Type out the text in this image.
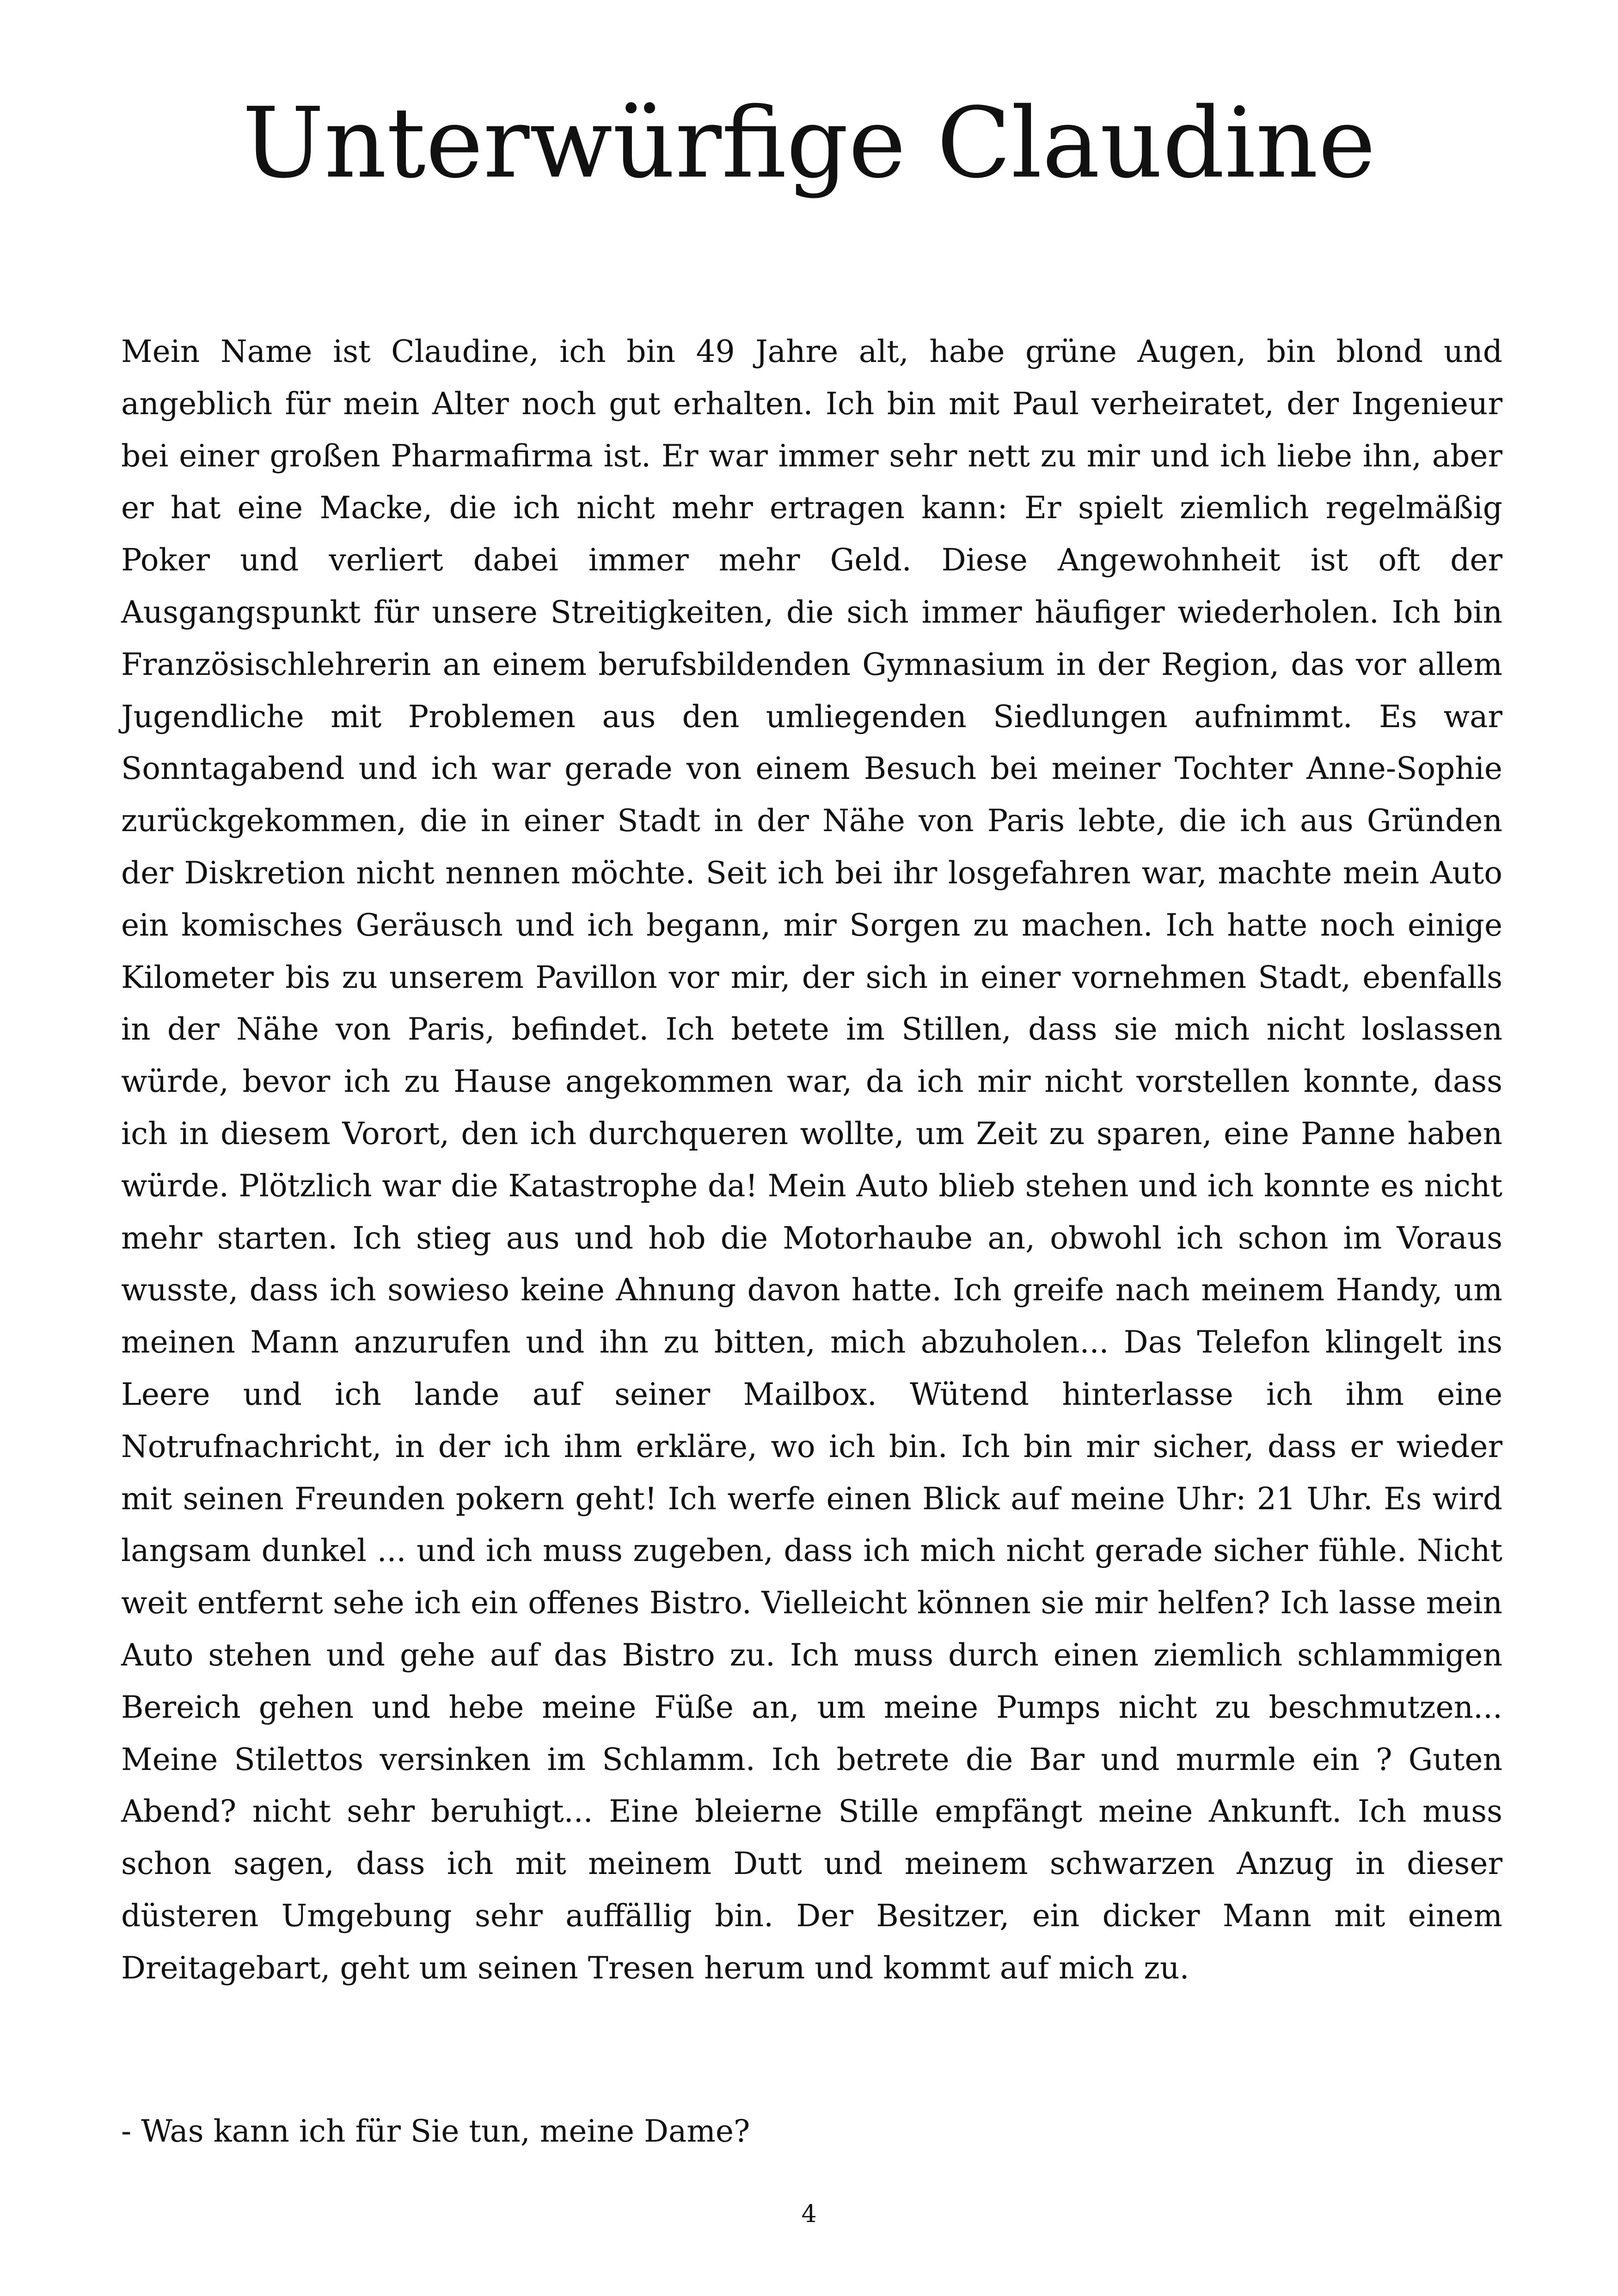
Unterwürfige Claudine

Mein Name ist Claudine, ich bin 49 Jahre alt, habe grüne Augen, bin blond und angeblich für mein Alter noch gut erhalten. Ich bin mit Paul verheiratet, der Ingenieur bei einer großen Pharmafirma ist. Er war immer sehr nett zu mir und ich liebe ihn, aber er hat eine Macke, die ich nicht mehr ertragen kann: Er spielt ziemlich regelmäßig Poker und verliert dabei immer mehr Geld. Diese Angewohnheit ist oft der Ausgangspunkt für unsere Streitigkeiten, die sich immer häufiger wiederholen. Ich bin Französischlehrerin an einem berufsbildenden Gymnasium in der Region, das vor allem Jugendliche mit Problemen aus den umliegenden Siedlungen aufnimmt. Es war Sonntagabend und ich war gerade von einem Besuch bei meiner Tochter Anne-Sophie zurückgekommen, die in einer Stadt in der Nähe von Paris lebte, die ich aus Gründen der Diskretion nicht nennen möchte. Seit ich bei ihr losgefahren war, machte mein Auto ein komisches Geräusch und ich begann, mir Sorgen zu machen. Ich hatte noch einige Kilometer bis zu unserem Pavillon vor mir, der sich in einer vornehmen Stadt, ebenfalls in der Nähe von Paris, befindet. Ich betete im Stillen, dass sie mich nicht loslassen würde, bevor ich zu Hause angekommen war, da ich mir nicht vorstellen konnte, dass ich in diesem Vorort, den ich durchqueren wollte, um Zeit zu sparen, eine Panne haben würde. Plötzlich war die Katastrophe da! Mein Auto blieb stehen und ich konnte es nicht mehr starten. Ich stieg aus und hob die Motorhaube an, obwohl ich schon im Voraus wusste, dass ich sowieso keine Ahnung davon hatte. Ich greife nach meinem Handy, um meinen Mann anzurufen und ihn zu bitten, mich abzuholen... Das Telefon klingelt ins Leere und ich lande auf seiner Mailbox. Wütend hinterlasse ich ihm eine Notrufnachricht, in der ich ihm erkläre, wo ich bin. Ich bin mir sicher, dass er wieder mit seinen Freunden pokern geht! Ich werfe einen Blick auf meine Uhr: 21 Uhr. Es wird langsam dunkel ... und ich muss zugeben, dass ich mich nicht gerade sicher fühle. Nicht weit entfernt sehe ich ein offenes Bistro. Vielleicht können sie mir helfen? Ich lasse mein Auto stehen und gehe auf das Bistro zu. Ich muss durch einen ziemlich schlammigen Bereich gehen und hebe meine Füße an, um meine Pumps nicht zu beschmutzen... Meine Stilettos versinken im Schlamm. Ich betrete die Bar und murmle ein ? Guten Abend? nicht sehr beruhigt... Eine bleierne Stille empfängt meine Ankunft. Ich muss schon sagen, dass ich mit meinem Dutt und meinem schwarzen Anzug in dieser düsteren Umgebung sehr auffällig bin. Der Besitzer, ein dicker Mann mit einem Dreitagebart, geht um seinen Tresen herum und kommt auf mich zu.

- Was kann ich für Sie tun, meine Dame?

4
